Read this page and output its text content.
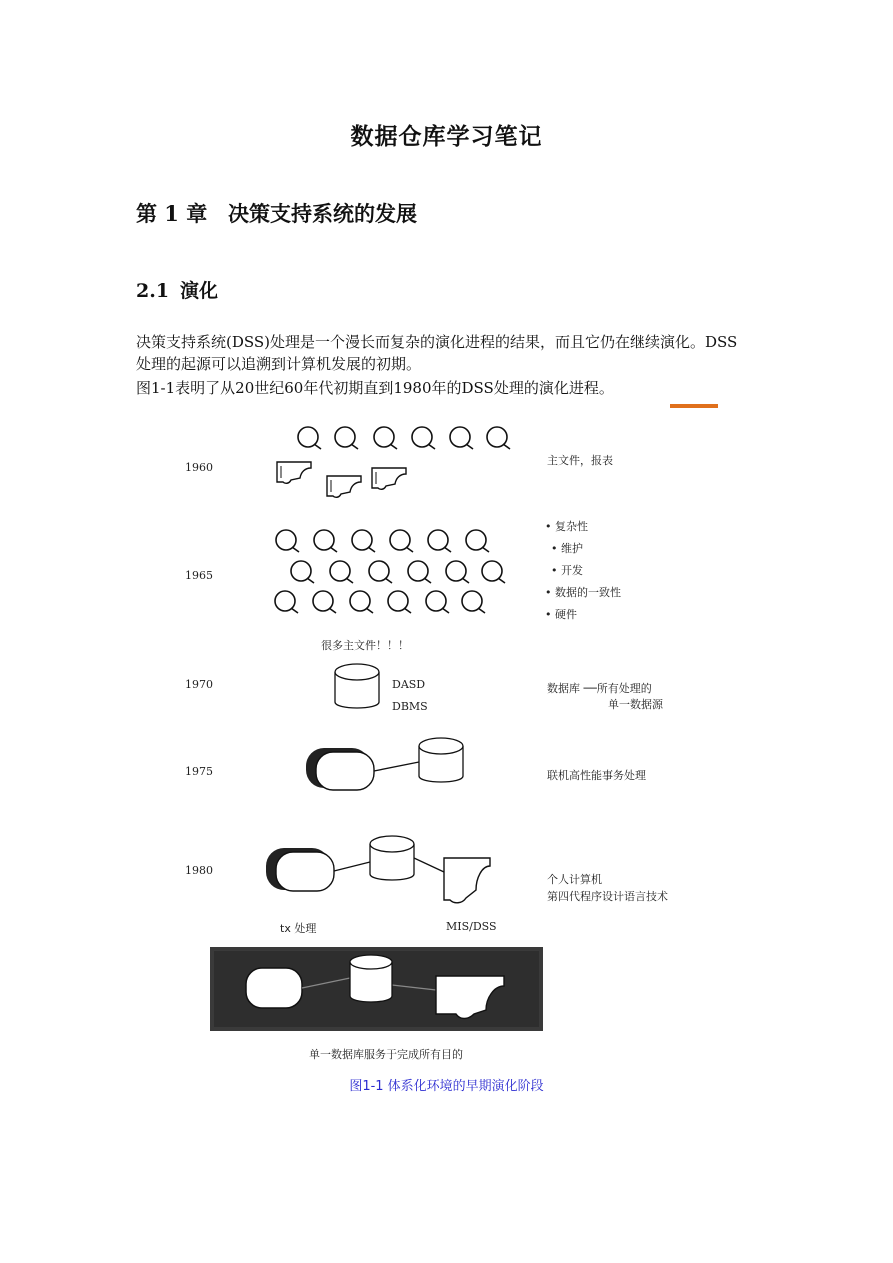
数据仓库学习笔记
第 1 章 决策支持系统的发展
2.1 演化
决策支持系统(DSS)处理是一个漫长而复杂的演化进程的结果，而且它仍在继续演化。DSS
处理的起源可以追溯到计算机发展的初期。
图1-1表明了从20世纪60年代初期直到1980年的DSS处理的演化进程。
1960
1965
1970
1975
1980
主文件，报表
• 复杂性
• 维护
• 开发
• 数据的一致性
• 硬件
很多主文件！！！
DASD
DBMS
数据库 ──所有处理的
单一数据源
联机高性能事务处理
个人计算机
第四代程序设计语言技术
tx 处理	MIS/DSS
单一数据库服务于完成所有目的
图1-1 体系化环境的早期演化阶段
